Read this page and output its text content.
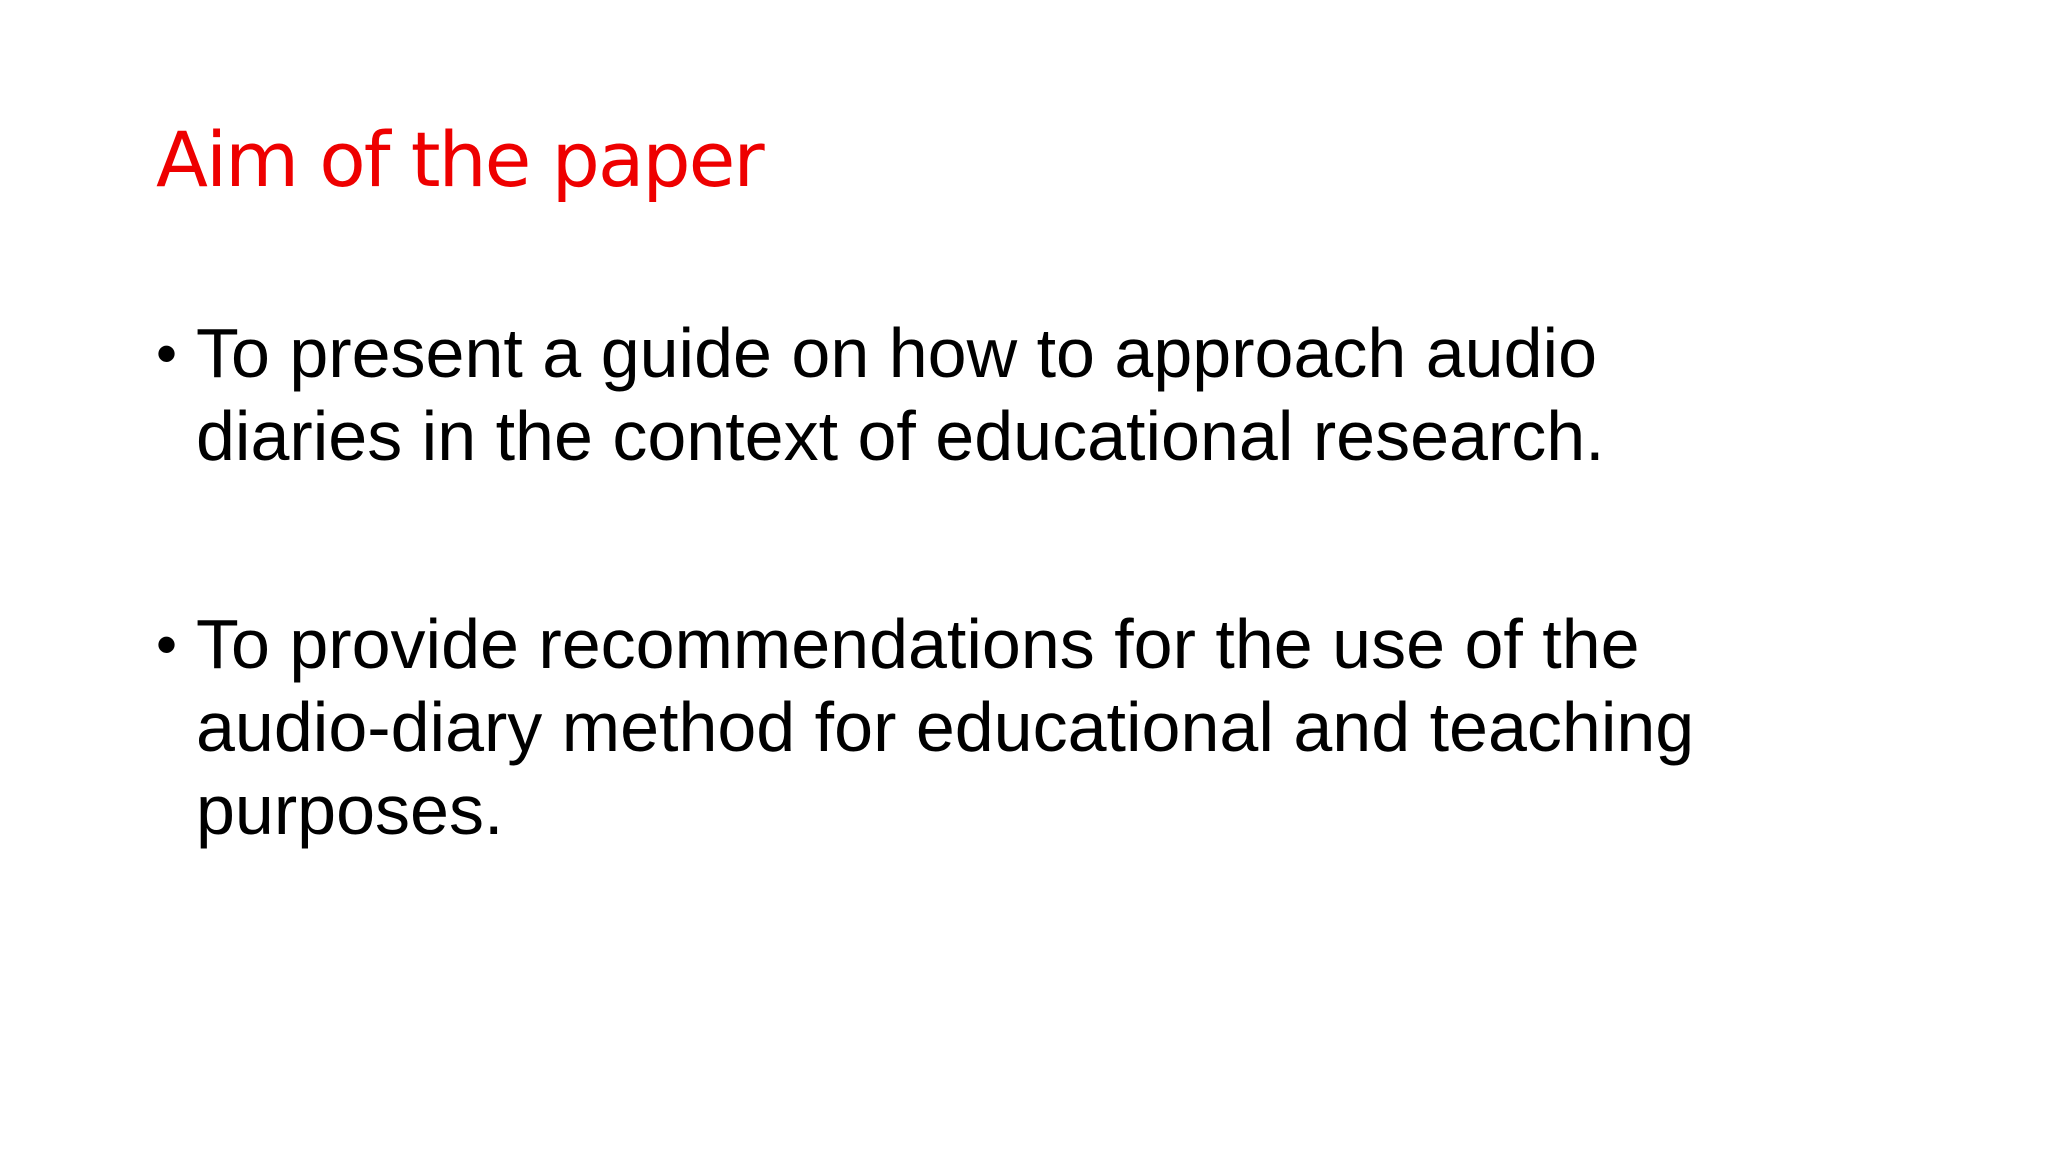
Aim of the paper
• To present a guide on how to approach audio
diaries in the context of educational research.
• To provide recommendations for the use of the
audio-diary method for educational and teaching
purposes.
